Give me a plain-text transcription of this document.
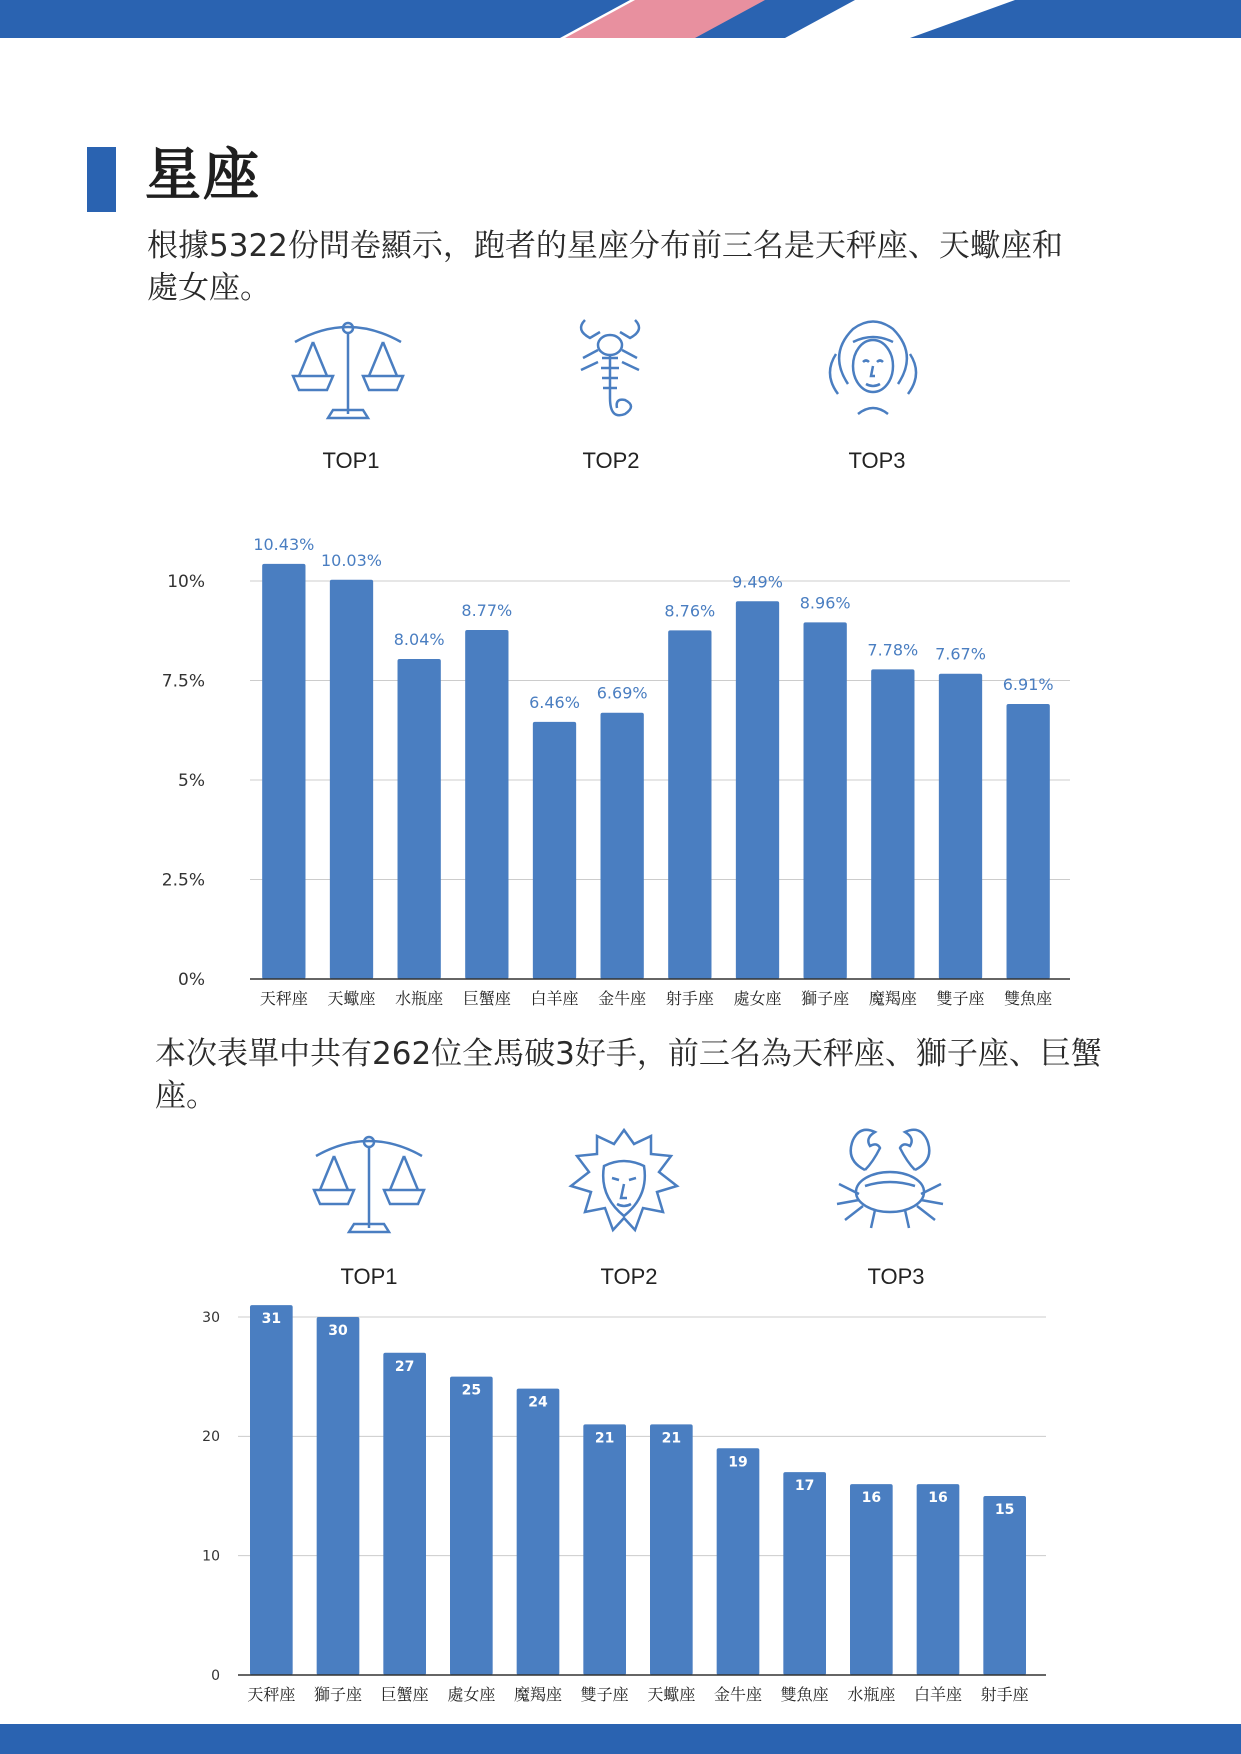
星座
根據5322份問卷顯示，跑者的星座分布前三名是天秤座、天蠍座和處女座。
TOP1	TOP2	TOP3
0%
2.5%
5%
7.5%
10%
10.43%
天秤座
10.03%
天蠍座
8.04%
水瓶座
8.77%
巨蟹座
6.46%
白羊座
6.69%
金牛座
8.76%
射手座
9.49%
處女座
8.96%
獅子座
7.78%
魔羯座
7.67%
雙子座
6.91%
雙魚座
本次表單中共有262位全馬破3好手，前三名為天秤座、獅子座、巨蟹座。
TOP1	TOP2	TOP3
0
10
20
30	31
天秤座
30
獅子座
27
巨蟹座
25
處女座
24
魔羯座
21
雙子座
21
天蠍座
19
金牛座
17
雙魚座
16
水瓶座
16
白羊座
15
射手座
